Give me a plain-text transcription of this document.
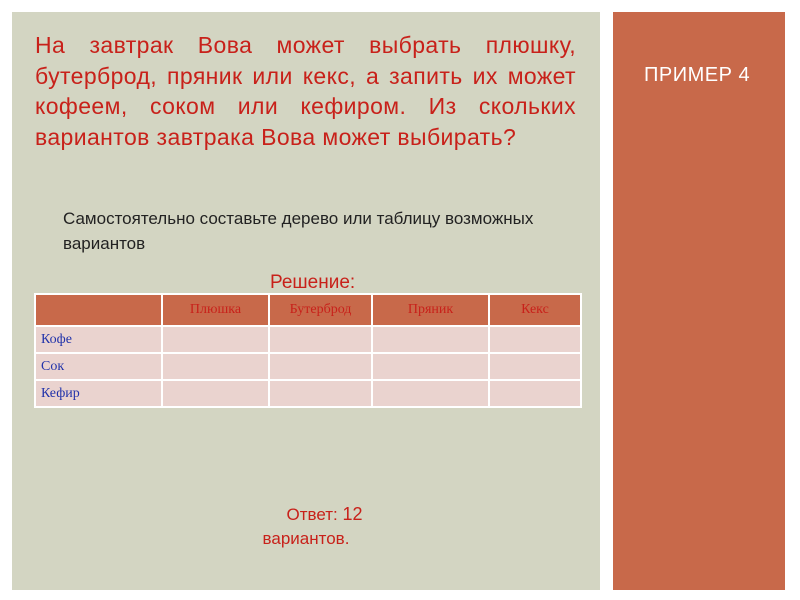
На завтрак Вова может выбрать плюшку, бутерброд, пряник или кекс, а запить их может кофеем, соком или кефиром. Из скольких вариантов завтрака Вова может выбирать?
Самостоятельно составьте дерево или таблицу возможных вариантов
Решение:
	Плюшка	Бутерброд	Пряник	Кекс
Кофе				
Сок				
Кефир				
Ответ: 12
вариантов.
ПРИМЕР 4
